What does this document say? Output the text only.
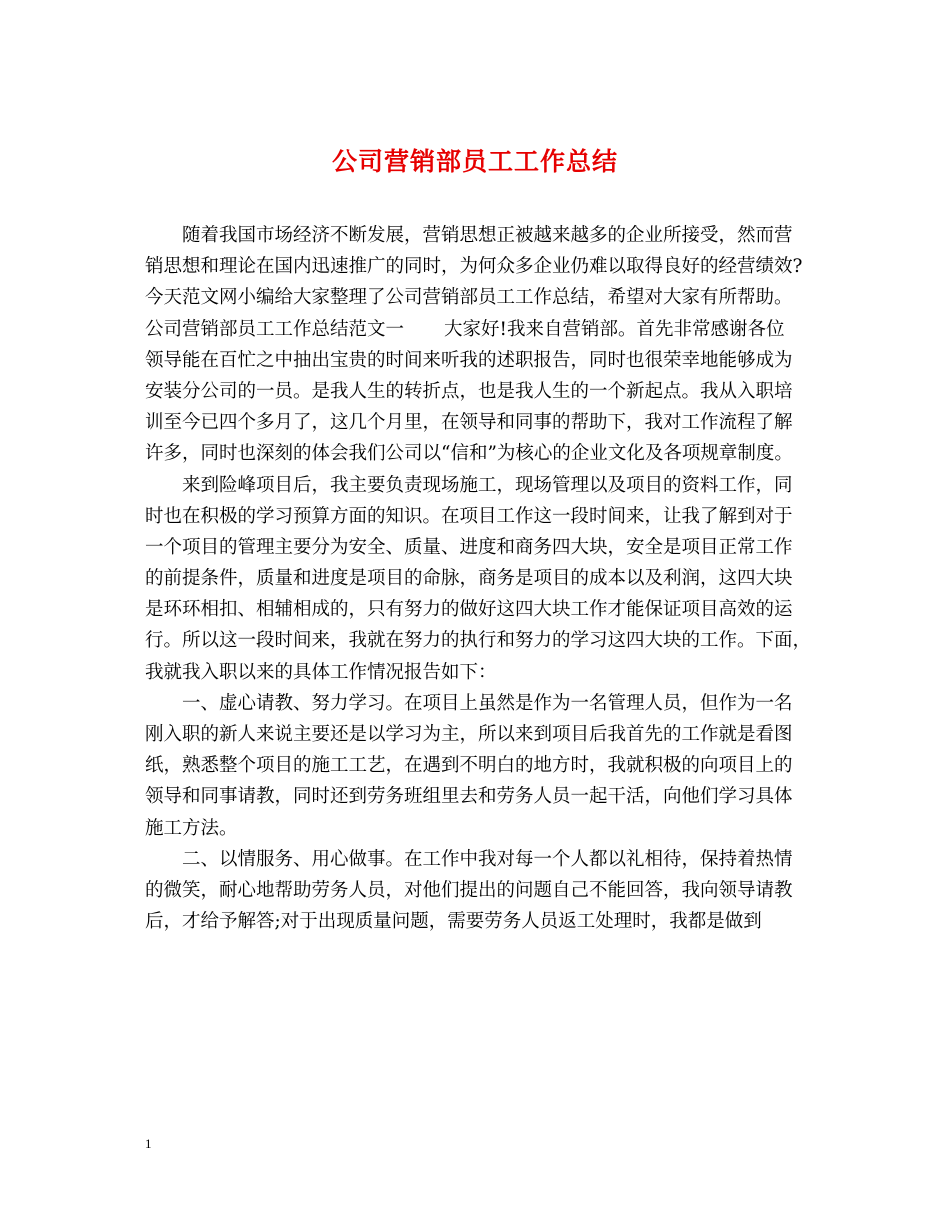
公司营销部员工工作总结
随着我国市场经济不断发展，营销思想正被越来越多的企业所接受，然而营
销思想和理论在国内迅速推广的同时，为何众多企业仍难以取得良好的经营绩效?
今天范文网小编给大家整理了公司营销部员工工作总结，希望对大家有所帮助。
公司营销部员工工作总结范文一 大家好!我来自营销部。首先非常感谢各位
领导能在百忙之中抽出宝贵的时间来听我的述职报告，同时也很荣幸地能够成为
安装分公司的一员。是我人生的转折点，也是我人生的一个新起点。我从入职培
训至今已四个多月了，这几个月里，在领导和同事的帮助下，我对工作流程了解
许多，同时也深刻的体会我们公司以“信和”为核心的企业文化及各项规章制度。
来到险峰项目后，我主要负责现场施工，现场管理以及项目的资料工作，同
时也在积极的学习预算方面的知识。在项目工作这一段时间来，让我了解到对于
一个项目的管理主要分为安全、质量、进度和商务四大块，安全是项目正常工作
的前提条件，质量和进度是项目的命脉，商务是项目的成本以及利润，这四大块
是环环相扣、相辅相成的，只有努力的做好这四大块工作才能保证项目高效的运
行。所以这一段时间来，我就在努力的执行和努力的学习这四大块的工作。下面，
我就我入职以来的具体工作情况报告如下：
一、虚心请教、努力学习。在项目上虽然是作为一名管理人员，但作为一名
刚入职的新人来说主要还是以学习为主，所以来到项目后我首先的工作就是看图
纸，熟悉整个项目的施工工艺，在遇到不明白的地方时，我就积极的向项目上的
领导和同事请教，同时还到劳务班组里去和劳务人员一起干活，向他们学习具体
施工方法。
二、以情服务、用心做事。在工作中我对每一个人都以礼相待，保持着热情
的微笑，耐心地帮助劳务人员，对他们提出的问题自己不能回答，我向领导请教
后，才给予解答;对于出现质量问题，需要劳务人员返工处理时，我都是做到
1
